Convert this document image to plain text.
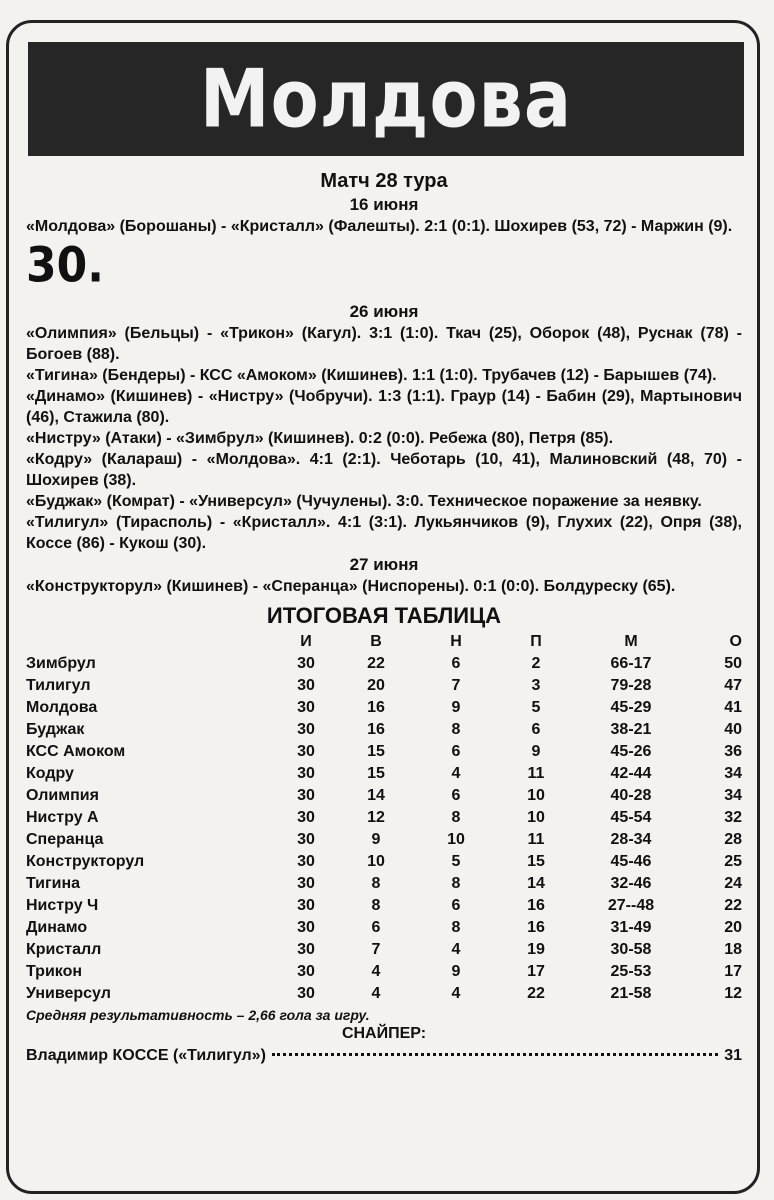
Молдова
Матч 28 тура
16 июня

«Молдова» (Борошаны) - «Кристалл» (Фалешты). 2:1 (0:1). Шохирев (53, 72) - Маржин (9).

30.
26 июня

«Олимпия» (Бельцы) - «Трикон» (Кагул). 3:1 (1:0). Ткач (25), Оборок (48), Руснак (78) - Богоев (88).

«Тигина» (Бендеры) - КСС «Амоком» (Кишинев). 1:1 (1:0). Трубачев (12) - Барышев (74).

«Динамо» (Кишинев) - «Нистру» (Чобручи). 1:3 (1:1). Граур (14) - Бабин (29), Мартынович (46), Стажила (80).

«Нистру» (Атаки) - «Зимбрул» (Кишинев). 0:2 (0:0). Ребежа (80), Петря (85).

«Кодру» (Калараш) - «Молдова». 4:1 (2:1). Чеботарь (10, 41), Малиновский (48, 70) - Шохирев (38).

«Буджак» (Комрат) - «Универсул» (Чучулены). 3:0. Техническое поражение за неявку.

«Тилигул» (Тирасполь) - «Кристалл». 4:1 (3:1). Лукьянчиков (9), Глухих (22), Опря (38), Коссе (86) - Кукош (30).

27 июня

«Конструкторул» (Кишинев) - «Сперанца» (Ниспорены). 0:1 (0:0). Болдуреску (65).

ИТОГОВАЯ ТАБЛИЦА
	И	В	Н	П	М	О
Зимбрул	30	22	6	2	66-17	50
Тилигул	30	20	7	3	79-28	47
Молдова	30	16	9	5	45-29	41
Буджак	30	16	8	6	38-21	40
КСС Амоком	30	15	6	9	45-26	36
Кодру	30	15	4	11	42-44	34
Олимпия	30	14	6	10	40-28	34
Нистру А	30	12	8	10	45-54	32
Сперанца	30	9	10	11	28-34	28
Конструкторул	30	10	5	15	45-46	25
Тигина	30	8	8	14	32-46	24
Нистру Ч	30	8	6	16	27--48	22
Динамо	30	6	8	16	31-49	20
Кристалл	30	7	4	19	30-58	18
Трикон	30	4	9	17	25-53	17
Универсул	30	4	4	22	21-58	12
Средняя результативность – 2,66 гола за игру.
СНАЙПЕР:
Владимир КОССЕ («Тилигул»)	31
